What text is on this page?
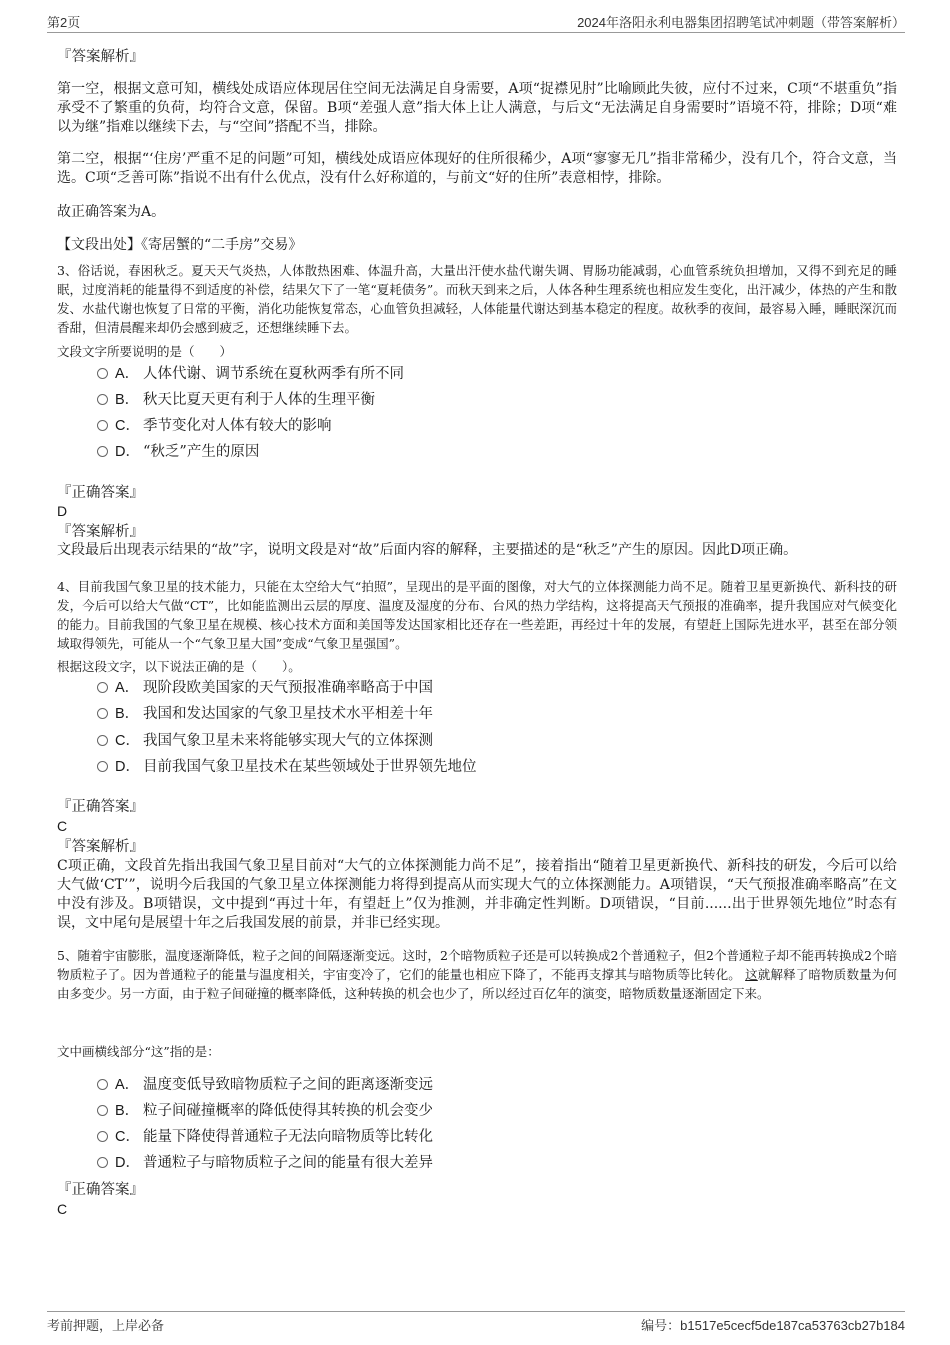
第2页	2024年洛阳永利电器集团招聘笔试冲刺题（带答案解析）
『答案解析』
第一空，根据文意可知，横线处成语应体现居住空间无法满足自身需要，A项“捉襟见肘”比喻顾此失彼，应付不过来，C项“不堪重负”指承受不了繁重的负荷，均符合文意，保留。B项“差强人意”指大体上让人满意，与后文“无法满足自身需要时”语境不符，排除；D项“难以为继”指难以继续下去，与“空间”搭配不当，排除。
第二空，根据“‘住房’严重不足的问题”可知，横线处成语应体现好的住所很稀少，A项“寥寥无几”指非常稀少，没有几个，符合文意，当选。C项“乏善可陈”指说不出有什么优点，没有什么好称道的，与前文“好的住所”表意相悖，排除。
故正确答案为A。
【文段出处】《寄居蟹的“二手房”交易》
3、俗话说，春困秋乏。夏天天气炎热，人体散热困难、体温升高，大量出汗使水盐代谢失调、胃肠功能减弱，心血管系统负担增加，又得不到充足的睡眠，过度消耗的能量得不到适度的补偿，结果欠下了一笔“夏耗债务”。而秋天到来之后，人体各种生理系统也相应发生变化，出汗减少，体热的产生和散发、水盐代谢也恢复了日常的平衡，消化功能恢复常态，心血管负担减轻，人体能量代谢达到基本稳定的程度。故秋季的夜间，最容易入睡，睡眠深沉而香甜，但清晨醒来却仍会感到疲乏，还想继续睡下去。
文段文字所要说明的是（　　）
A． 人体代谢、调节系统在夏秋两季有所不同
B． 秋天比夏天更有利于人体的生理平衡
C． 季节变化对人体有较大的影响
D． “秋乏”产生的原因
『正确答案』
D
『答案解析』
文段最后出现表示结果的“故”字，说明文段是对“故”后面内容的解释，主要描述的是“秋乏”产生的原因。因此D项正确。
4、目前我国气象卫星的技术能力，只能在太空给大气“拍照”，呈现出的是平面的图像，对大气的立体探测能力尚不足。随着卫星更新换代、新科技的研发，今后可以给大气做“CT”，比如能监测出云层的厚度、温度及湿度的分布、台风的热力学结构，这将提高天气预报的准确率，提升我国应对气候变化的能力。目前我国的气象卫星在规模、核心技术方面和美国等发达国家相比还存在一些差距，再经过十年的发展，有望赶上国际先进水平，甚至在部分领域取得领先，可能从一个“气象卫星大国”变成“气象卫星强国”。
根据这段文字，以下说法正确的是（　　）。
A． 现阶段欧美国家的天气预报准确率略高于中国
B． 我国和发达国家的气象卫星技术水平相差十年
C． 我国气象卫星未来将能够实现大气的立体探测
D． 目前我国气象卫星技术在某些领域处于世界领先地位
『正确答案』
C
『答案解析』
C项正确，文段首先指出我国气象卫星目前对“大气的立体探测能力尚不足”，接着指出“随着卫星更新换代、新科技的研发，今后可以给大气做‘CT’”，说明今后我国的气象卫星立体探测能力将得到提高从而实现大气的立体探测能力。A项错误，“天气预报准确率略高”在文中没有涉及。B项错误，文中提到“再过十年，有望赶上”仅为推测，并非确定性判断。D项错误，“目前......出于世界领先地位”时态有误，文中尾句是展望十年之后我国发展的前景，并非已经实现。
5、随着宇宙膨胀，温度逐渐降低，粒子之间的间隔逐渐变远。这时，2个暗物质粒子还是可以转换成2个普通粒子，但2个普通粒子却不能再转换成2个暗物质粒子了。因为普通粒子的能量与温度相关，宇宙变冷了，它们的能量也相应下降了，不能再支撑其与暗物质等比转化。 这就解释了暗物质数量为何由多变少。另一方面，由于粒子间碰撞的概率降低，这种转换的机会也少了，所以经过百亿年的演变，暗物质数量逐渐固定下来。
文中画横线部分“这”指的是：
A． 温度变低导致暗物质粒子之间的距离逐渐变远
B． 粒子间碰撞概率的降低使得其转换的机会变少
C． 能量下降使得普通粒子无法向暗物质等比转化
D． 普通粒子与暗物质粒子之间的能量有很大差异
『正确答案』
C
考前押题，上岸必备	编号：b1517e5cecf5de187ca53763cb27b184
